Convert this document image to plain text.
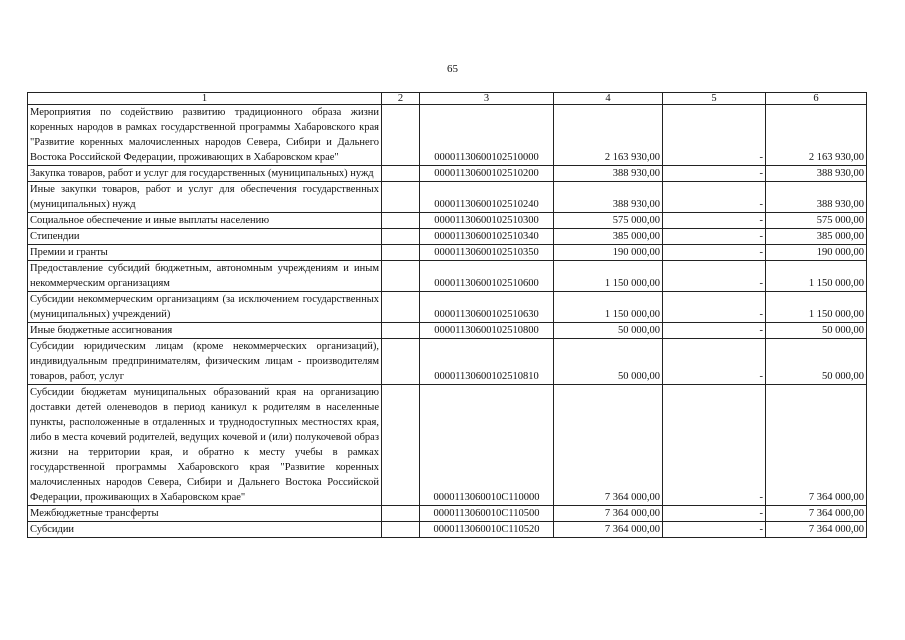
65
1	2	3	4	5	6
Мероприятия по содействию развитию традиционного образа жизни коренных народов в рамках государственной программы Хабаровского края "Развитие коренных малочисленных народов Севера, Сибири и Дальнего Востока Российской Федерации, проживающих в Хабаровском крае"		00001130600102510000	2 163 930,00	-	2 163 930,00
Закупка товаров, работ и услуг для государственных (муниципальных) нужд		00001130600102510200	388 930,00	-	388 930,00
Иные закупки товаров, работ и услуг для обеспечения государственных (муниципальных) нужд		00001130600102510240	388 930,00	-	388 930,00
Социальное обеспечение и иные выплаты населению		00001130600102510300	575 000,00	-	575 000,00
Стипендии		00001130600102510340	385 000,00	-	385 000,00
Премии и гранты		00001130600102510350	190 000,00	-	190 000,00
Предоставление субсидий бюджетным, автономным учреждениям и иным некоммерческим организациям		00001130600102510600	1 150 000,00	-	1 150 000,00
Субсидии некоммерческим организациям (за исключением государственных (муниципальных) учреждений)		00001130600102510630	1 150 000,00	-	1 150 000,00
Иные бюджетные ассигнования		00001130600102510800	50 000,00	-	50 000,00
Субсидии юридическим лицам (кроме некоммерческих организаций), индивидуальным предпринимателям, физическим лицам - производителям товаров, работ, услуг		00001130600102510810	50 000,00	-	50 000,00
Субсидии бюджетам муниципальных образований края на организацию доставки детей оленеводов в период каникул к родителям в населенные пункты, расположенные в отдаленных и труднодоступных местностях края, либо в места кочевий родителей, ведущих кочевой и (или) полукочевой образ жизни на территории края, и обратно к месту учебы в рамках государственной программы Хабаровского края "Развитие коренных малочисленных народов Севера, Сибири и Дальнего Востока Российской Федерации, проживающих в Хабаровском крае"		0000113060010С110000	7 364 000,00	-	7 364 000,00
Межбюджетные трансферты		0000113060010С110500	7 364 000,00	-	7 364 000,00
Субсидии		0000113060010С110520	7 364 000,00	-	7 364 000,00
